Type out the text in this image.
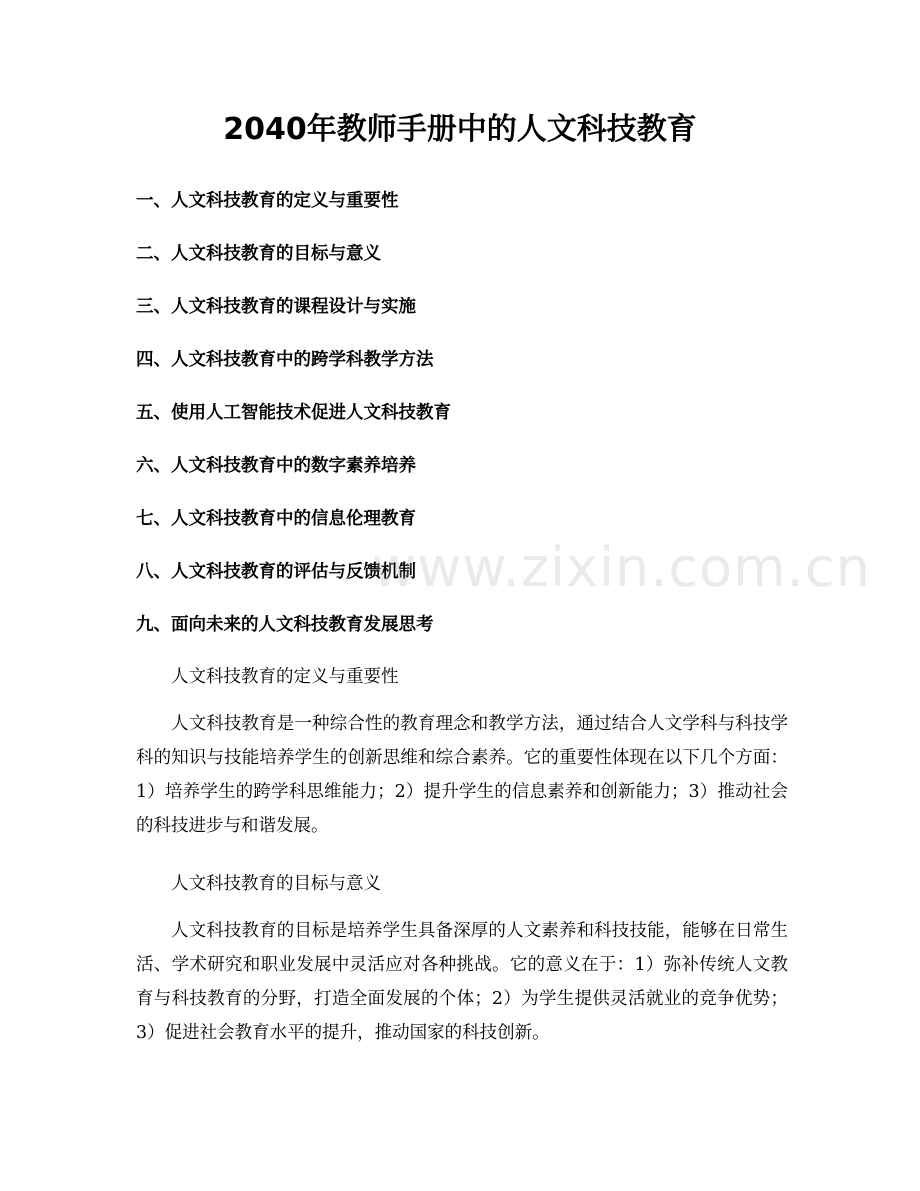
2040年教师手册中的人文科技教育
一、人文科技教育的定义与重要性
二、人文科技教育的目标与意义
三、人文科技教育的课程设计与实施
四、人文科技教育中的跨学科教学方法
五、使用人工智能技术促进人文科技教育
六、人文科技教育中的数字素养培养
七、人文科技教育中的信息伦理教育
八、人文科技教育的评估与反馈机制
九、面向未来的人文科技教育发展思考

人文科技教育的定义与重要性

人文科技教育是一种综合性的教育理念和教学方法，通过结合人文学科与科技学科的知识与技能培养学生的创新思维和综合素养。它的重要性体现在以下几个方面：1）培养学生的跨学科思维能力；2）提升学生的信息素养和创新能力；3）推动社会的科技进步与和谐发展。

人文科技教育的目标与意义

人文科技教育的目标是培养学生具备深厚的人文素养和科技技能，能够在日常生活、学术研究和职业发展中灵活应对各种挑战。它的意义在于：1）弥补传统人文教育与科技教育的分野，打造全面发展的个体；2）为学生提供灵活就业的竞争优势；3）促进社会教育水平的提升，推动国家的科技创新。

www.zixin.com.cn
